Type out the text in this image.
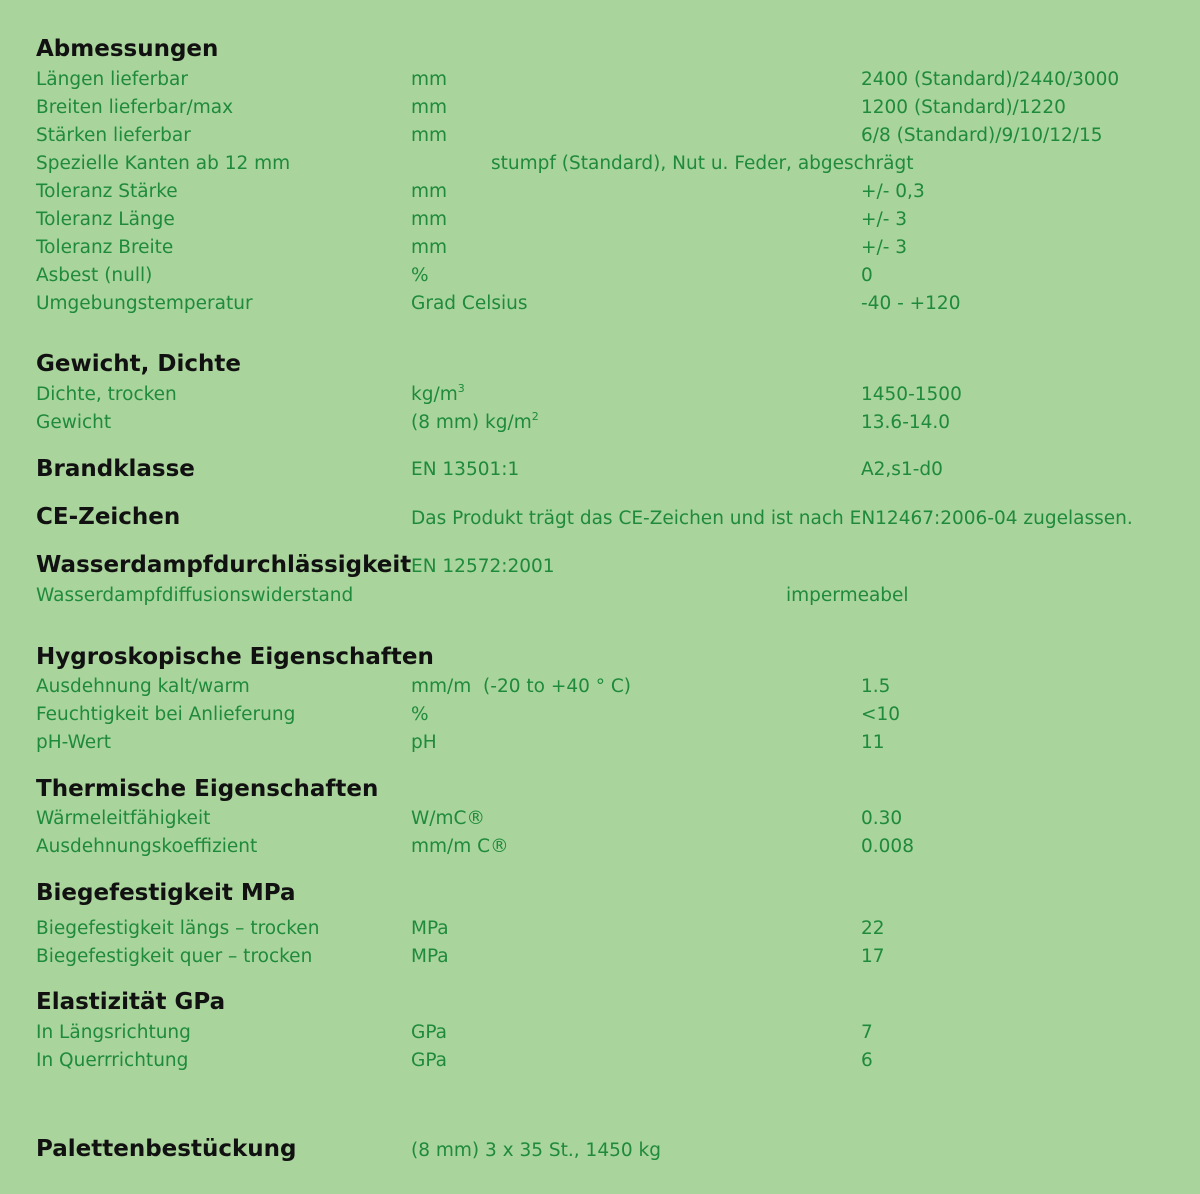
Abmessungen
Längen lieferbar	mm	2400 (Standard)/2440/3000
Breiten lieferbar/max	mm	1200 (Standard)/1220
Stärken lieferbar	mm	6/8 (Standard)/9/10/12/15
Spezielle Kanten ab 12 mm	stumpf (Standard), Nut u. Feder, abgeschrägt
Toleranz Stärke	mm	+/- 0,3
Toleranz Länge	mm	+/- 3
Toleranz Breite	mm	+/- 3
Asbest (null)	%	0
Umgebungstemperatur	Grad Celsius	-40 - +120
Gewicht, Dichte
Dichte, trocken	$kg/m^3$	1450-1500
Gewicht	(8 mm) $kg/m^2$	13.6-14.0
Brandklasse	EN 13501:1	A2,s1-d0
CE-Zeichen	Das Produkt trägt das CE-Zeichen und ist nach EN12467:2006-04 zugelassen.
Wasserdampfdurchlässigkeit EN 12572:2001
Wasserdampfdiffusionswiderstand	impermeabel
Hygroskopische Eigenschaften
Ausdehnung kalt/warm	mm/m  (-20 to +40 ° C)	1.5
Feuchtigkeit bei Anlieferung	%	<10
pH-Wert	pH	11
Thermische Eigenschaften
Wärmeleitfähigkeit	W/mC®	0.30
Ausdehnungskoeffizient	mm/m C®	0.008
Biegefestigkeit MPa
Biegefestigkeit längs – trocken	MPa	22
Biegefestigkeit quer – trocken	MPa	17
Elastizität GPa
In Längsrichtung	GPa	7
In Querrrichtung	GPa	6
Palettenbestückung	(8 mm) 3 x 35 St., 1450 kg
